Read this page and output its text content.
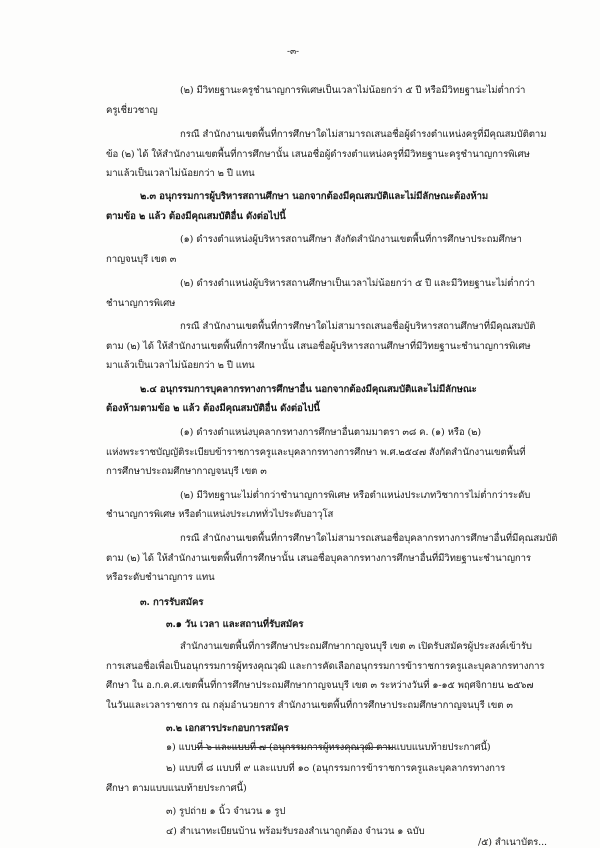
-๓-

(๒) มีวิทยฐานะครูชำนาญการพิเศษเป็นเวลาไม่น้อยกว่า ๕ ปี หรือมีวิทยฐานะไม่ต่ำกว่า

ครูเชี่ยวชาญ

กรณี สำนักงานเขตพื้นที่การศึกษาใดไม่สามารถเสนอชื่อผู้ดำรงตำแหน่งครูที่มีคุณสมบัติตาม

ข้อ (๒) ได้ ให้สำนักงานเขตพื้นที่การศึกษานั้น เสนอชื่อผู้ดำรงตำแหน่งครูที่มีวิทยฐานะครูชำนาญการพิเศษ

มาแล้วเป็นเวลาไม่น้อยกว่า ๒ ปี แทน

๒.๓ อนุกรรมการผู้บริหารสถานศึกษา นอกจากต้องมีคุณสมบัติและไม่มีลักษณะต้องห้าม

ตามข้อ ๒ แล้ว ต้องมีคุณสมบัติอื่น ดังต่อไปนี้

(๑) ดำรงตำแหน่งผู้บริหารสถานศึกษา สังกัดสำนักงานเขตพื้นที่การศึกษาประถมศึกษา

กาญจนบุรี เขต ๓

(๒) ดำรงตำแหน่งผู้บริหารสถานศึกษาเป็นเวลาไม่น้อยกว่า ๕ ปี และมีวิทยฐานะไม่ต่ำกว่า

ชำนาญการพิเศษ

กรณี สำนักงานเขตพื้นที่การศึกษาใดไม่สามารถเสนอชื่อผู้บริหารสถานศึกษาที่มีคุณสมบัติ

ตาม (๒) ได้ ให้สำนักงานเขตพื้นที่การศึกษานั้น เสนอชื่อผู้บริหารสถานศึกษาที่มีวิทยฐานะชำนาญการพิเศษ

มาแล้วเป็นเวลาไม่น้อยกว่า ๒ ปี แทน

๒.๔ อนุกรรมการบุคลากรทางการศึกษาอื่น นอกจากต้องมีคุณสมบัติและไม่มีลักษณะ

ต้องห้ามตามข้อ ๒ แล้ว ต้องมีคุณสมบัติอื่น ดังต่อไปนี้

(๑) ดำรงตำแหน่งบุคลากรทางการศึกษาอื่นตามมาตรา ๓๘ ค. (๑) หรือ (๒)

แห่งพระราชบัญญัติระเบียบข้าราชการครูและบุคลากรทางการศึกษา พ.ศ.๒๕๔๗ สังกัดสำนักงานเขตพื้นที่

การศึกษาประถมศึกษากาญจนบุรี เขต ๓

(๒) มีวิทยฐานะไม่ต่ำกว่าชำนาญการพิเศษ หรือตำแหน่งประเภทวิชาการไม่ต่ำกว่าระดับ

ชำนาญการพิเศษ หรือตำแหน่งประเภททั่วไประดับอาวุโส

กรณี สำนักงานเขตพื้นที่การศึกษาใดไม่สามารถเสนอชื่อบุคลากรทางการศึกษาอื่นที่มีคุณสมบัติ

ตาม (๒) ได้ ให้สำนักงานเขตพื้นที่การศึกษานั้น เสนอชื่อบุคลากรทางการศึกษาอื่นที่มีวิทยฐานะชำนาญการ

หรือระดับชำนาญการ แทน

๓. การรับสมัคร

๓.๑ วัน เวลา และสถานที่รับสมัคร

สำนักงานเขตพื้นที่การศึกษาประถมศึกษากาญจนบุรี เขต ๓ เปิดรับสมัครผู้ประสงค์เข้ารับ

การเสนอชื่อเพื่อเป็นอนุกรรมการผู้ทรงคุณวุฒิ และการคัดเลือกอนุกรรมการข้าราชการครูและบุคลากรทางการ

ศึกษา ใน อ.ก.ค.ศ.เขตพื้นที่การศึกษาประถมศึกษากาญจนบุรี เขต ๓ ระหว่างวันที่ ๑-๑๕ พฤศจิกายน ๒๕๖๗

ในวันและเวลาราชการ ณ กลุ่มอำนวยการ สำนักงานเขตพื้นที่การศึกษาประถมศึกษากาญจนบุรี เขต ๓

๓.๒ เอกสารประกอบการสมัคร

๑) แบบที่ ๖ และแบบที่ ๗ (อนุกรรมการผู้ทรงคุณวุฒิ ตามแบบแนบท้ายประกาศนี้)

๒) แบบที่ ๘ แบบที่ ๙ และแบบที่ ๑๐ (อนุกรรมการข้าราชการครูและบุคลากรทางการ

ศึกษา ตามแบบแนบท้ายประกาศนี้)

๓) รูปถ่าย ๑ นิ้ว จำนวน ๑ รูป

๔) สำเนาทะเบียนบ้าน พร้อมรับรองสำเนาถูกต้อง จำนวน ๑ ฉบับ

/๕) สำเนาบัตร...
